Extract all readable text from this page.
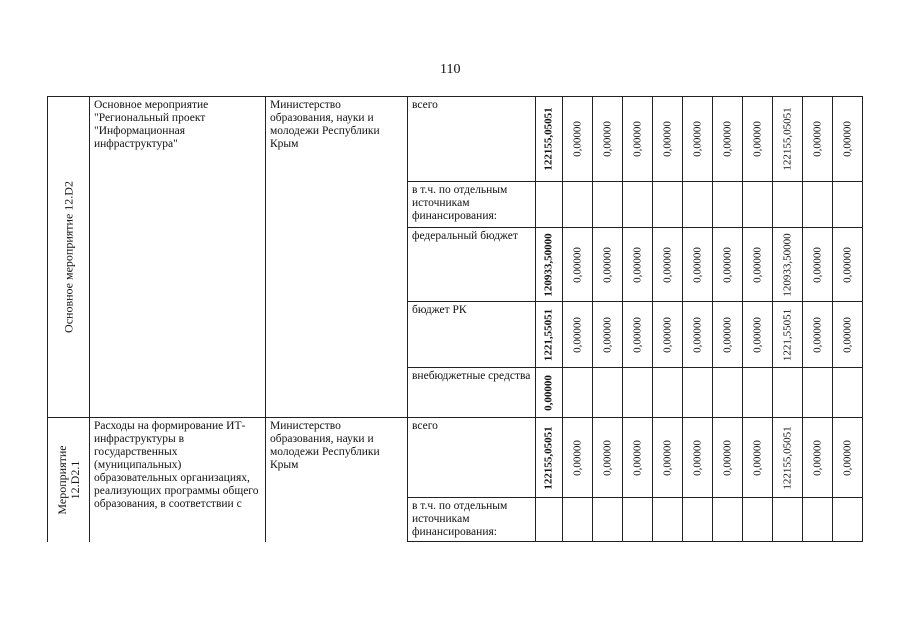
110
Основное мероприятие 12.D2	Основное мероприятие "Региональный проект "Информационная инфраструктура"	Министерство образования, науки и молодежи Республики Крым	всего	122155,05051	0,00000	0,00000	0,00000	0,00000	0,00000	0,00000	0,00000	122155,05051	0,00000	0,00000

			в т.ч. по отдельным источникам финансирования:											

			федеральный бюджет	120933,50000	0,00000	0,00000	0,00000	0,00000	0,00000	0,00000	0,00000	120933,50000	0,00000	0,00000

			бюджет РК	1221,55051	0,00000	0,00000	0,00000	0,00000	0,00000	0,00000	0,00000	1221,55051	0,00000	0,00000

			внебюджетные средства	0,00000										

Мероприятие 12.D2.1	Расходы на формирование ИТ-инфраструктуры в государственных (муниципальных) образовательных организациях, реализующих программы общего образования, в соответствии с	Министерство образования, науки и молодежи Республики Крым	всего	122155,05051	0,00000	0,00000	0,00000	0,00000	0,00000	0,00000	0,00000	122155,05051	0,00000	0,00000

			в т.ч. по отдельным источникам финансирования:											
